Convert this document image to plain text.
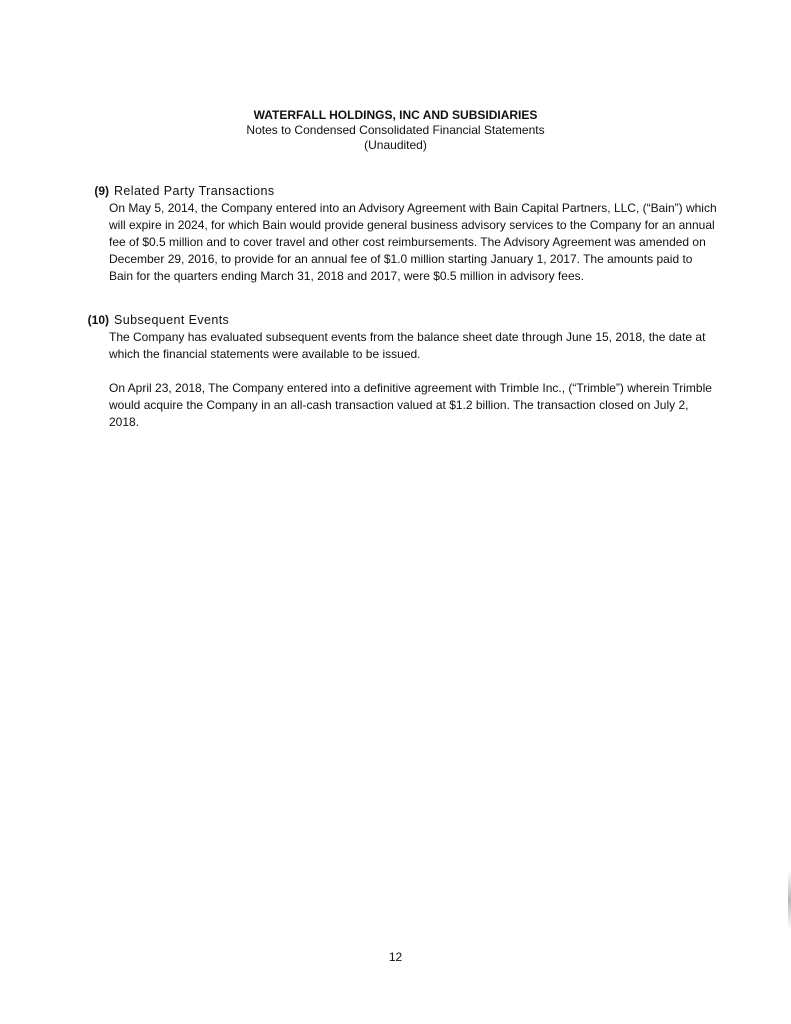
WATERFALL HOLDINGS, INC AND SUBSIDIARIES
Notes to Condensed Consolidated Financial Statements
(Unaudited)
(9) Related Party Transactions

On May 5, 2014, the Company entered into an Advisory Agreement with Bain Capital Partners, LLC, (“Bain”) which will expire in 2024, for which Bain would provide general business advisory services to the Company for an annual fee of $0.5 million and to cover travel and other cost reimbursements. The Advisory Agreement was amended on December 29, 2016, to provide for an annual fee of $1.0 million starting January 1, 2017. The amounts paid to Bain for the quarters ending March 31, 2018 and 2017, were $0.5 million in advisory fees.

(10) Subsequent Events

The Company has evaluated subsequent events from the balance sheet date through June 15, 2018, the date at which the financial statements were available to be issued.

On April 23, 2018, The Company entered into a definitive agreement with Trimble Inc., (“Trimble”) wherein Trimble would acquire the Company in an all-cash transaction valued at $1.2 billion. The transaction closed on July 2, 2018.

12
